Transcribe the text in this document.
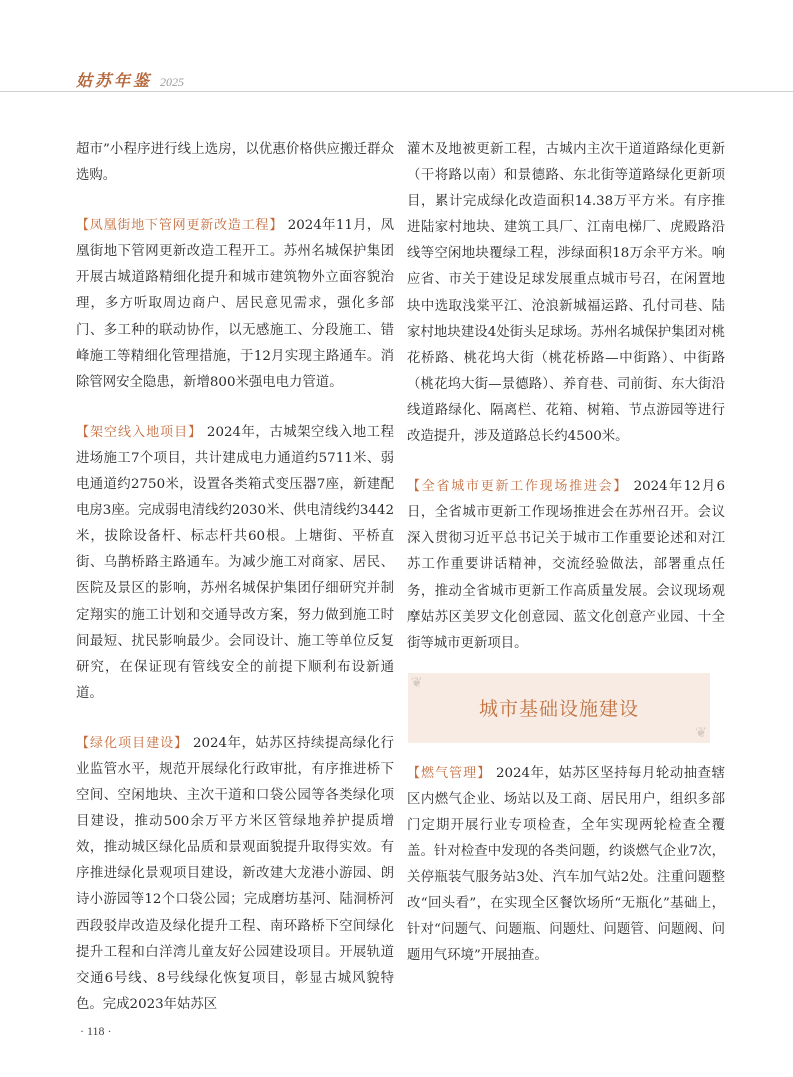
姑苏年鉴 2025

超市”小程序进行线上选房，以优惠价格供应搬迁群众选购。

【凤凰街地下管网更新改造工程】 2024年11月，凤凰街地下管网更新改造工程开工。苏州名城保护集团开展古城道路精细化提升和城市建筑物外立面容貌治理，多方听取周边商户、居民意见需求，强化多部门、多工种的联动协作，以无感施工、分段施工、错峰施工等精细化管理措施，于12月实现主路通车。消除管网安全隐患，新增800米强电电力管道。

【架空线入地项目】 2024年，古城架空线入地工程进场施工7个项目，共计建成电力通道约5711米、弱电通道约2750米，设置各类箱式变压器7座，新建配电房3座。完成弱电清线约2030米、供电清线约3442米，拔除设备杆、标志杆共60根。上塘街、平桥直街、乌鹊桥路主路通车。为减少施工对商家、居民、医院及景区的影响，苏州名城保护集团仔细研究并制定翔实的施工计划和交通导改方案，努力做到施工时间最短、扰民影响最少。会同设计、施工等单位反复研究，在保证现有管线安全的前提下顺利布设新通道。

【绿化项目建设】 2024年，姑苏区持续提高绿化行业监管水平，规范开展绿化行政审批，有序推进桥下空间、空闲地块、主次干道和口袋公园等各类绿化项目建设，推动500余万平方米区管绿地养护提质增效，推动城区绿化品质和景观面貌提升取得实效。有序推进绿化景观项目建设，新改建大龙港小游园、朗诗小游园等12个口袋公园；完成磨坊基河、陆洞桥河西段驳岸改造及绿化提升工程、南环路桥下空间绿化提升工程和白洋湾儿童友好公园建设项目。开展轨道交通6号线、8号线绿化恢复项目，彰显古城风貌特色。完成2023年姑苏区

灌木及地被更新工程，古城内主次干道道路绿化更新（干将路以南）和景德路、东北街等道路绿化更新项目，累计完成绿化改造面积14.38万平方米。有序推进陆家村地块、建筑工具厂、江南电梯厂、虎殿路沿线等空闲地块覆绿工程，涉绿面积18万余平方米。响应省、市关于建设足球发展重点城市号召，在闲置地块中选取浅棠平江、沧浪新城福运路、孔付司巷、陆家村地块建设4处街头足球场。苏州名城保护集团对桃花桥路、桃花坞大街（桃花桥路—中街路）、中街路（桃花坞大街—景德路）、养育巷、司前街、东大街沿线道路绿化、隔离栏、花箱、树箱、节点游园等进行改造提升，涉及道路总长约4500米。

【全省城市更新工作现场推进会】 2024年12月6日，全省城市更新工作现场推进会在苏州召开。会议深入贯彻习近平总书记关于城市工作重要论述和对江苏工作重要讲话精神，交流经验做法，部署重点任务，推动全省城市更新工作高质量发展。会议现场观摩姑苏区美罗文化创意园、蓝文化创意产业园、十全街等城市更新项目。

❦
城市基础设施建设
❦

【燃气管理】 2024年，姑苏区坚持每月轮动抽查辖区内燃气企业、场站以及工商、居民用户，组织多部门定期开展行业专项检查，全年实现两轮检查全覆盖。针对检查中发现的各类问题，约谈燃气企业7次，关停瓶装气服务站3处、汽车加气站2处。注重问题整改“回头看”，在实现全区餐饮场所“无瓶化”基础上，针对“问题气、问题瓶、问题灶、问题管、问题阀、问题用气环境”开展抽查。

· 118 ·
